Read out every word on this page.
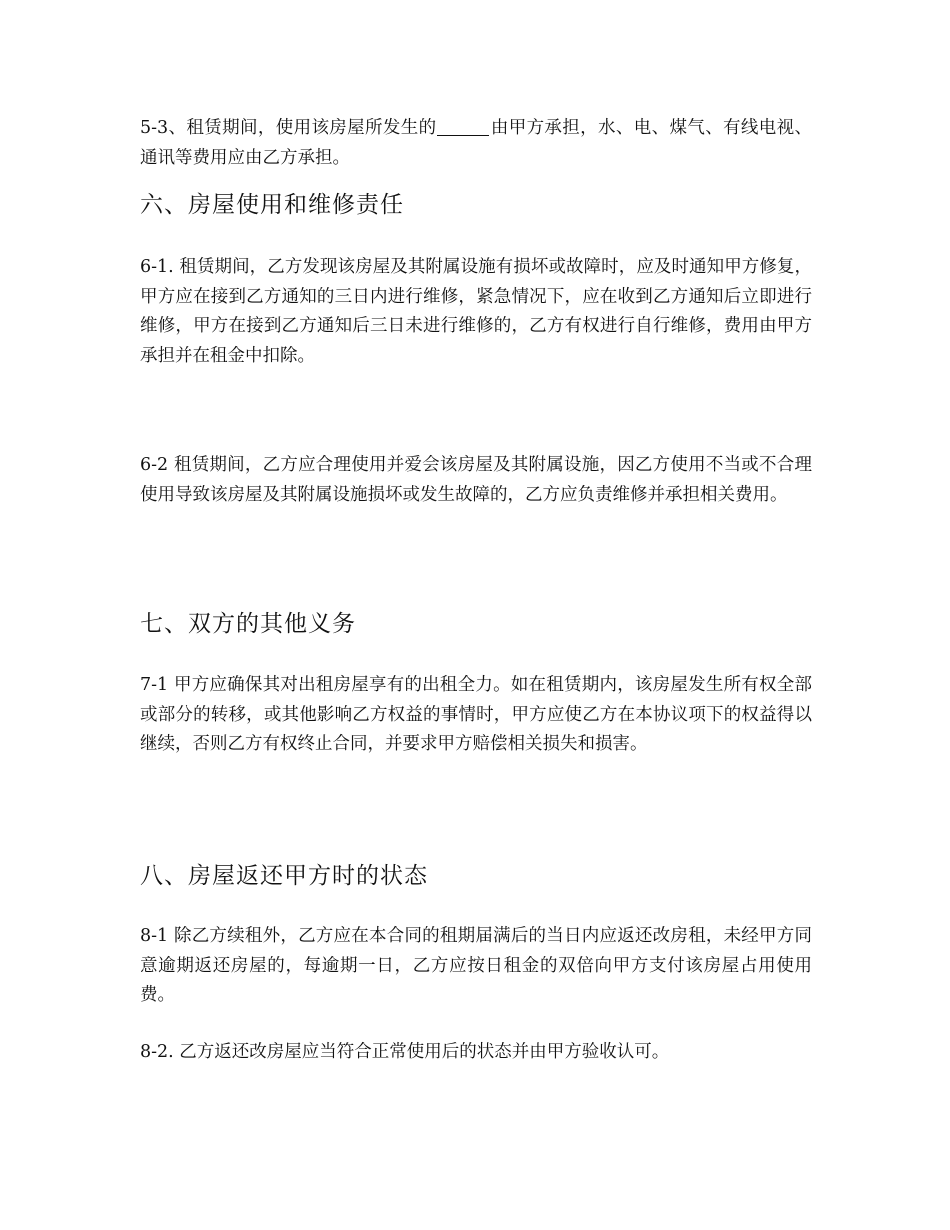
5-3、租赁期间，使用该房屋所发生的	由甲方承担，水、电、煤气、有线电视、通讯等费用应由乙方承担。

六、房屋使用和维修责任

6-1. 租赁期间，乙方发现该房屋及其附属设施有损坏或故障时，应及时通知甲方修复，甲方应在接到乙方通知的三日内进行维修，紧急情况下，应在收到乙方通知后立即进行维修，甲方在接到乙方通知后三日未进行维修的，乙方有权进行自行维修，费用由甲方承担并在租金中扣除。

6-2 租赁期间，乙方应合理使用并爱会该房屋及其附属设施，因乙方使用不当或不合理使用导致该房屋及其附属设施损坏或发生故障的，乙方应负责维修并承担相关费用。

七、双方的其他义务

7-1 甲方应确保其对出租房屋享有的出租全力。如在租赁期内，该房屋发生所有权全部或部分的转移，或其他影响乙方权益的事情时，甲方应使乙方在本协议项下的权益得以继续，否则乙方有权终止合同，并要求甲方赔偿相关损失和损害。

八、房屋返还甲方时的状态

8-1 除乙方续租外，乙方应在本合同的租期届满后的当日内应返还改房租，未经甲方同意逾期返还房屋的，每逾期一日，乙方应按日租金的双倍向甲方支付该房屋占用使用费。

8-2. 乙方返还改房屋应当符合正常使用后的状态并由甲方验收认可。
